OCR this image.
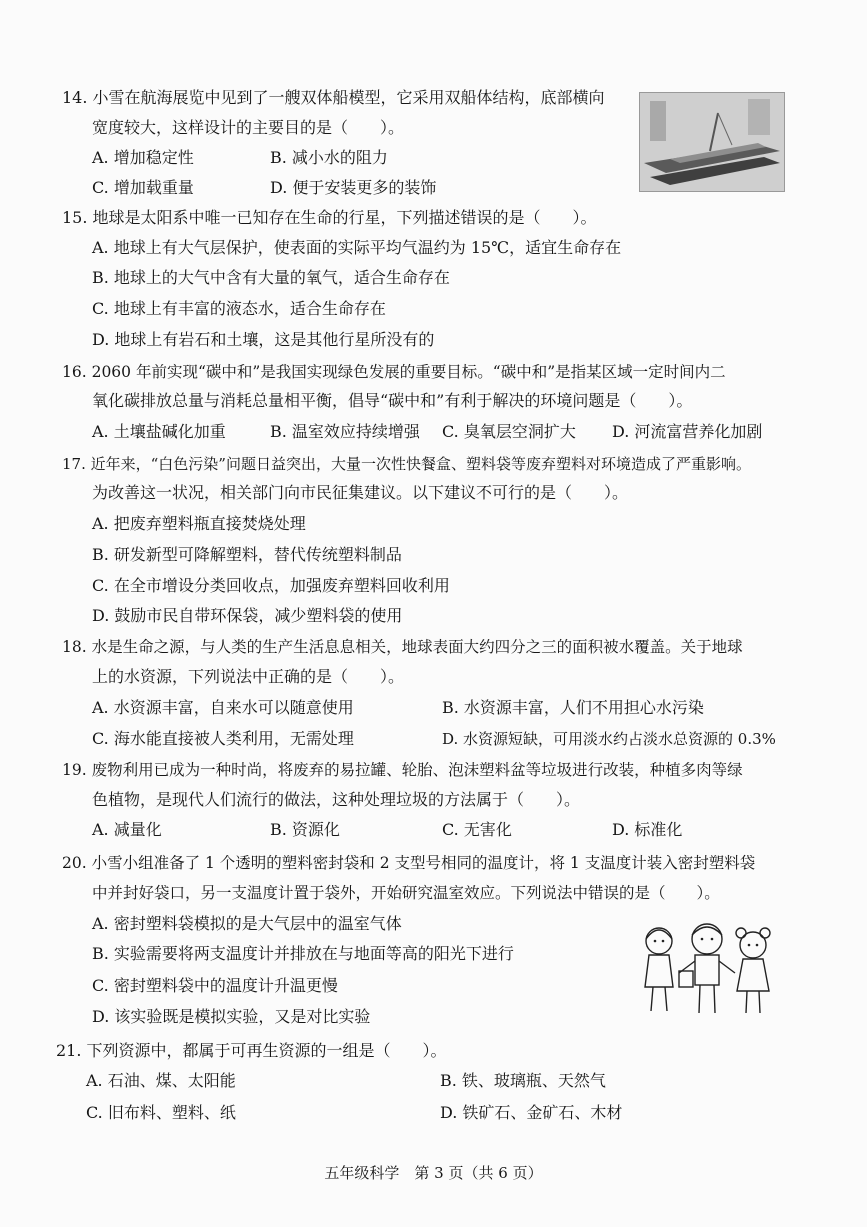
14. 小雪在航海展览中见到了一艘双体船模型，它采用双船体结构，底部横向
宽度较大，这样设计的主要目的是（　　）。
A. 增加稳定性	B. 减小水的阻力
C. 增加载重量	D. 便于安装更多的装饰
15. 地球是太阳系中唯一已知存在生命的行星，下列描述错误的是（　　）。
A. 地球上有大气层保护，使表面的实际平均气温约为 15℃，适宜生命存在
B. 地球上的大气中含有大量的氧气，适合生命存在
C. 地球上有丰富的液态水，适合生命存在
D. 地球上有岩石和土壤，这是其他行星所没有的
16. 2060 年前实现“碳中和”是我国实现绿色发展的重要目标。“碳中和”是指某区域一定时间内二
氧化碳排放总量与消耗总量相平衡，倡导“碳中和”有利于解决的环境问题是（　　）。
A. 土壤盐碱化加重	B. 温室效应持续增强 C. 臭氧层空洞扩大 D. 河流富营养化加剧
17. 近年来，“白色污染”问题日益突出，大量一次性快餐盒、塑料袋等废弃塑料对环境造成了严重影响。
为改善这一状况，相关部门向市民征集建议。以下建议不可行的是（　　）。
A. 把废弃塑料瓶直接焚烧处理
B. 研发新型可降解塑料，替代传统塑料制品
C. 在全市增设分类回收点，加强废弃塑料回收利用
D. 鼓励市民自带环保袋，减少塑料袋的使用
18. 水是生命之源，与人类的生产生活息息相关，地球表面大约四分之三的面积被水覆盖。关于地球
上的水资源，下列说法中正确的是（　　）。
A. 水资源丰富，自来水可以随意使用	B. 水资源丰富，人们不用担心水污染
C. 海水能直接被人类利用，无需处理	D. 水资源短缺，可用淡水约占淡水总资源的 0.3%
19. 废物利用已成为一种时尚，将废弃的易拉罐、轮胎、泡沫塑料盆等垃圾进行改装，种植多肉等绿
色植物，是现代人们流行的做法，这种处理垃圾的方法属于（　　）。
A. 减量化	B. 资源化	C. 无害化	D. 标准化
20. 小雪小组准备了 1 个透明的塑料密封袋和 2 支型号相同的温度计，将 1 支温度计装入密封塑料袋
中并封好袋口，另一支温度计置于袋外，开始研究温室效应。下列说法中错误的是（　　）。
A. 密封塑料袋模拟的是大气层中的温室气体
B. 实验需要将两支温度计并排放在与地面等高的阳光下进行
C. 密封塑料袋中的温度计升温更慢
D. 该实验既是模拟实验，又是对比实验
21. 下列资源中，都属于可再生资源的一组是（　　）。
A. 石油、煤、太阳能	B. 铁、玻璃瓶、天然气
C. 旧布料、塑料、纸	D. 铁矿石、金矿石、木材
五年级科学　第 3 页（共 6 页）
